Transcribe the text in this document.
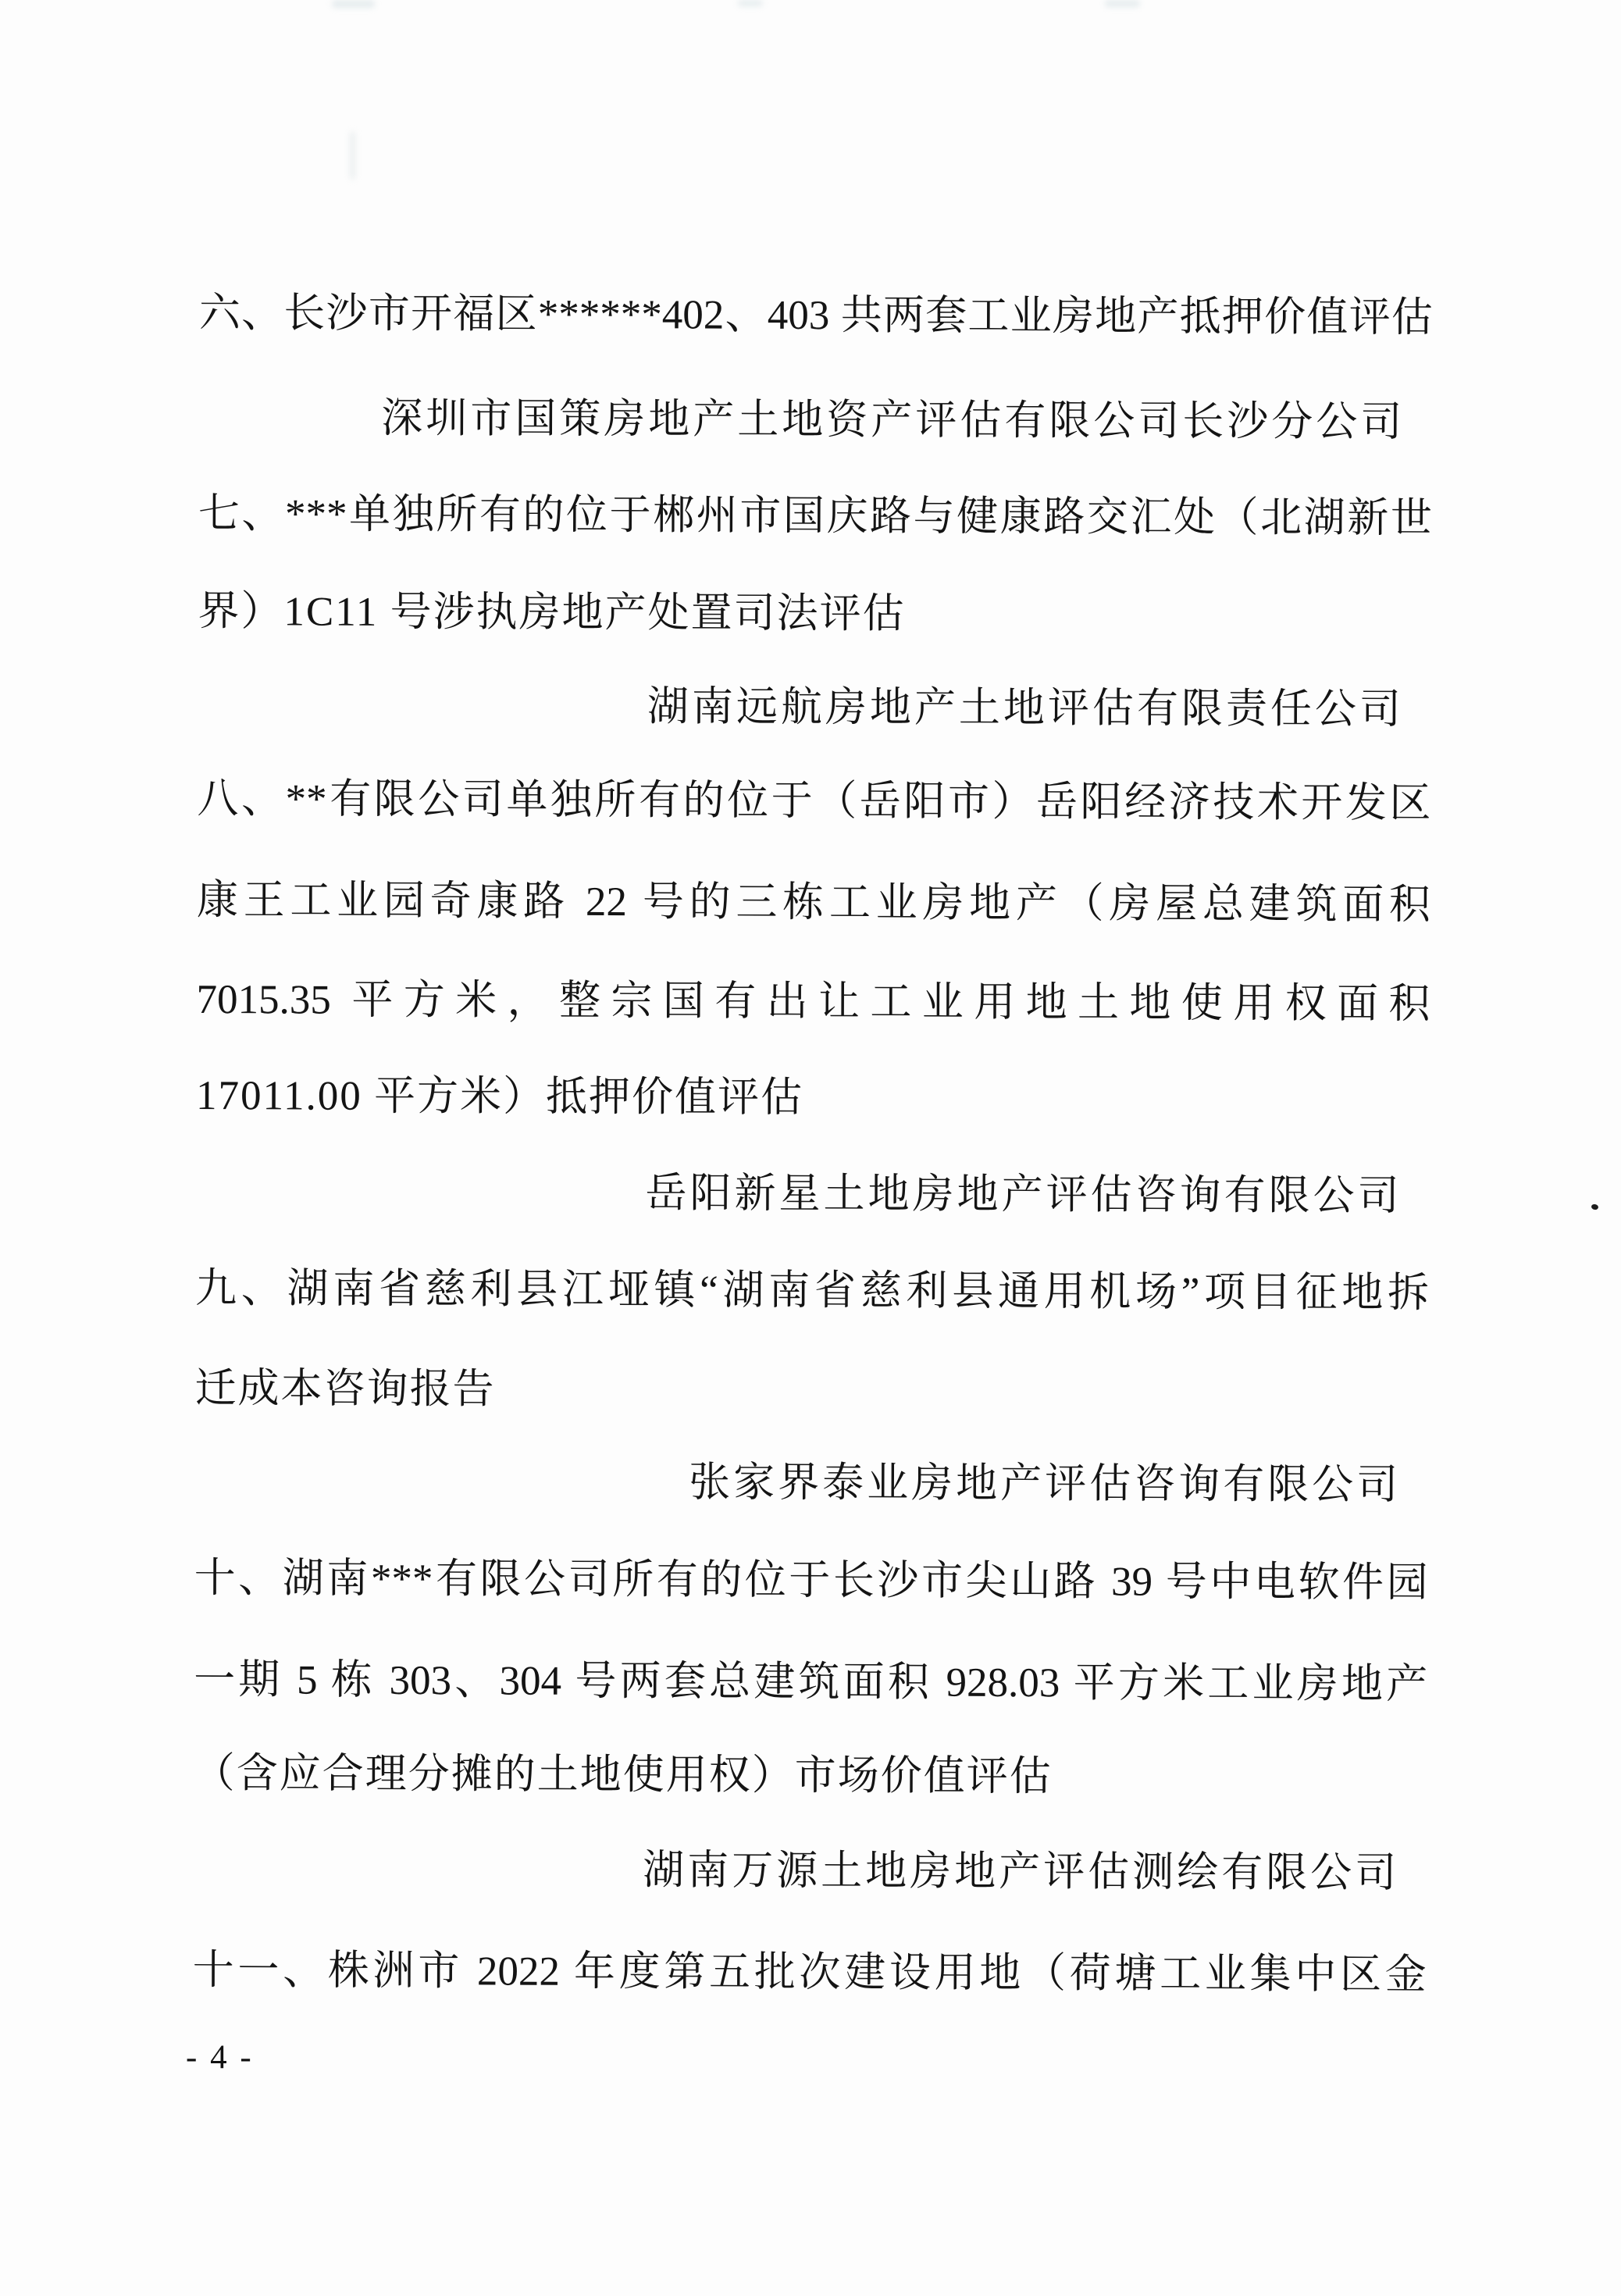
六、长沙市开福区******402、403 共两套工业房地产抵押价值评估
深圳市国策房地产土地资产评估有限公司长沙分公司
七、***单独所有的位于郴州市国庆路与健康路交汇处（北湖新世
界）1C11 号涉执房地产处置司法评估
湖南远航房地产土地评估有限责任公司
八、**有限公司单独所有的位于（岳阳市）岳阳经济技术开发区
康王工业园奇康路 22 号的三栋工业房地产（房屋总建筑面积
7015.35 平方米，整宗国有出让工业用地土地使用权面积
17011.00 平方米）抵押价值评估
岳阳新星土地房地产评估咨询有限公司
九、湖南省慈利县江垭镇“湖南省慈利县通用机场”项目征地拆
迁成本咨询报告
张家界泰业房地产评估咨询有限公司
十、湖南***有限公司所有的位于长沙市尖山路 39 号中电软件园
一期 5 栋 303、304 号两套总建筑面积 928.03 平方米工业房地产
（含应合理分摊的土地使用权）市场价值评估
湖南万源土地房地产评估测绘有限公司
十一、株洲市 2022 年度第五批次建设用地（荷塘工业集中区金
- 4 -
